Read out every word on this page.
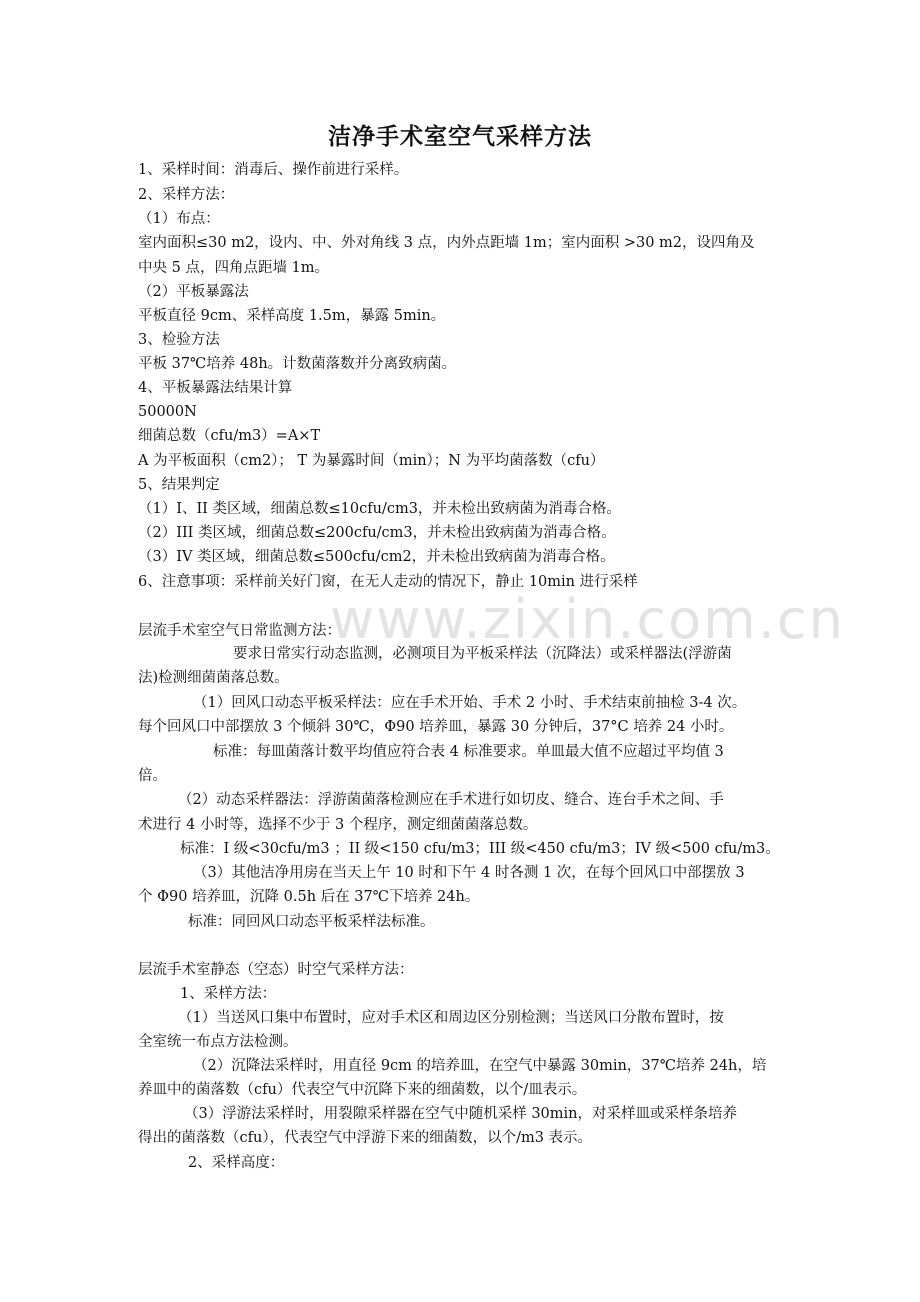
www.zixin.com.cn
洁净手术室空气采样方法
1、采样时间：消毒后、操作前进行采样。
2、采样方法：
（1）布点：
室内面积≤30 m2，设内、中、外对角线 3 点，内外点距墙 1m；室内面积 >30 m2，设四角及
中央 5 点，四角点距墙 1m。
（2）平板暴露法
平板直径 9cm、采样高度 1.5m，暴露 5min。
3、检验方法
平板 37℃培养 48h。计数菌落数并分离致病菌。
4、平板暴露法结果计算
50000N
细菌总数（cfu/m3）=A×T
A 为平板面积（cm2）； T 为暴露时间（min）；N 为平均菌落数（cfu）
5、结果判定
（1）I、II 类区域，细菌总数≤10cfu/cm3，并未检出致病菌为消毒合格。
（2）III 类区域，细菌总数≤200cfu/cm3，并未检出致病菌为消毒合格。
（3）IV 类区域，细菌总数≤500cfu/cm2，并未检出致病菌为消毒合格。
6、注意事项：采样前关好门窗，在无人走动的情况下，静止 10min 进行采样
层流手术室空气日常监测方法：
要求日常实行动态监测，必测项目为平板采样法（沉降法）或采样器法(浮游菌
法)检测细菌菌落总数。
（1）回风口动态平板采样法：应在手术开始、手术 2 小时、手术结束前抽检 3-4 次。
每个回风口中部摆放 3 个倾斜 30℃，Φ90 培养皿，暴露 30 分钟后，37°C 培养 24 小时。
标准：每皿菌落计数平均值应符合表 4 标准要求。单皿最大值不应超过平均值 3
倍。
（2）动态采样器法：浮游菌菌落检测应在手术进行如切皮、缝合、连台手术之间、手
术进行 4 小时等，选择不少于 3 个程序，测定细菌菌落总数。
标准：I 级<30cfu/m3 ；II 级<150 cfu/m3；III 级<450 cfu/m3；IV 级<500 cfu/m3。
（3）其他洁净用房在当天上午 10 时和下午 4 时各测 1 次，在每个回风口中部摆放 3
个 Φ90 培养皿，沉降 0.5h 后在 37℃下培养 24h。
标准：同回风口动态平板采样法标准。
层流手术室静态（空态）时空气采样方法：
1、采样方法：
（1）当送风口集中布置时，应对手术区和周边区分别检测；当送风口分散布置时，按
全室统一布点方法检测。
（2）沉降法采样时，用直径 9cm 的培养皿，在空气中暴露 30min，37℃培养 24h，培
养皿中的菌落数（cfu）代表空气中沉降下来的细菌数，以个/皿表示。
（3）浮游法采样时，用裂隙采样器在空气中随机采样 30min，对采样皿或采样条培养
得出的菌落数（cfu），代表空气中浮游下来的细菌数，以个/m3 表示。
2、采样高度：
